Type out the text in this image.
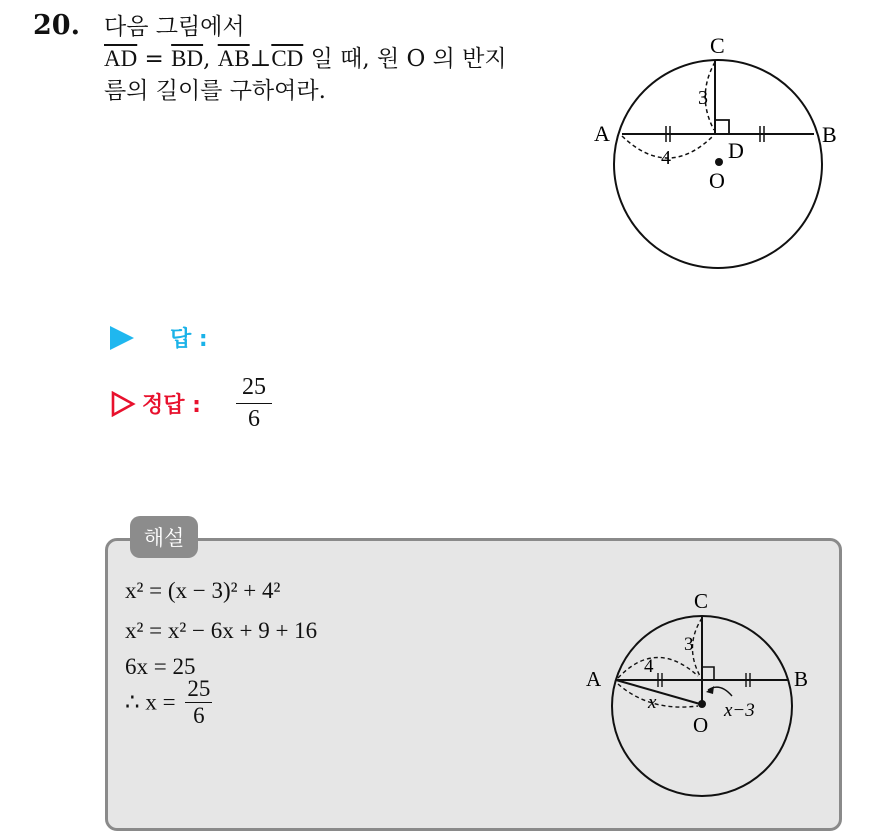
20. 다음 그림에서
$\overline{AD} = \overline{BD}$, $\overline{AB}\perp\overline{CD}$ 일 때, 원 O 의 반지
름의 길이를 구하여라.
A	B
C
D
O
3
4
답 :
정답 : $\frac{25}{6}$
해설
x² = (x − 3)² + 4²
x² = x² − 6x + 9 + 16
6x = 25
∴ $x = \frac{25}{6}$	A	B
C
O
3
4
x	x−3
